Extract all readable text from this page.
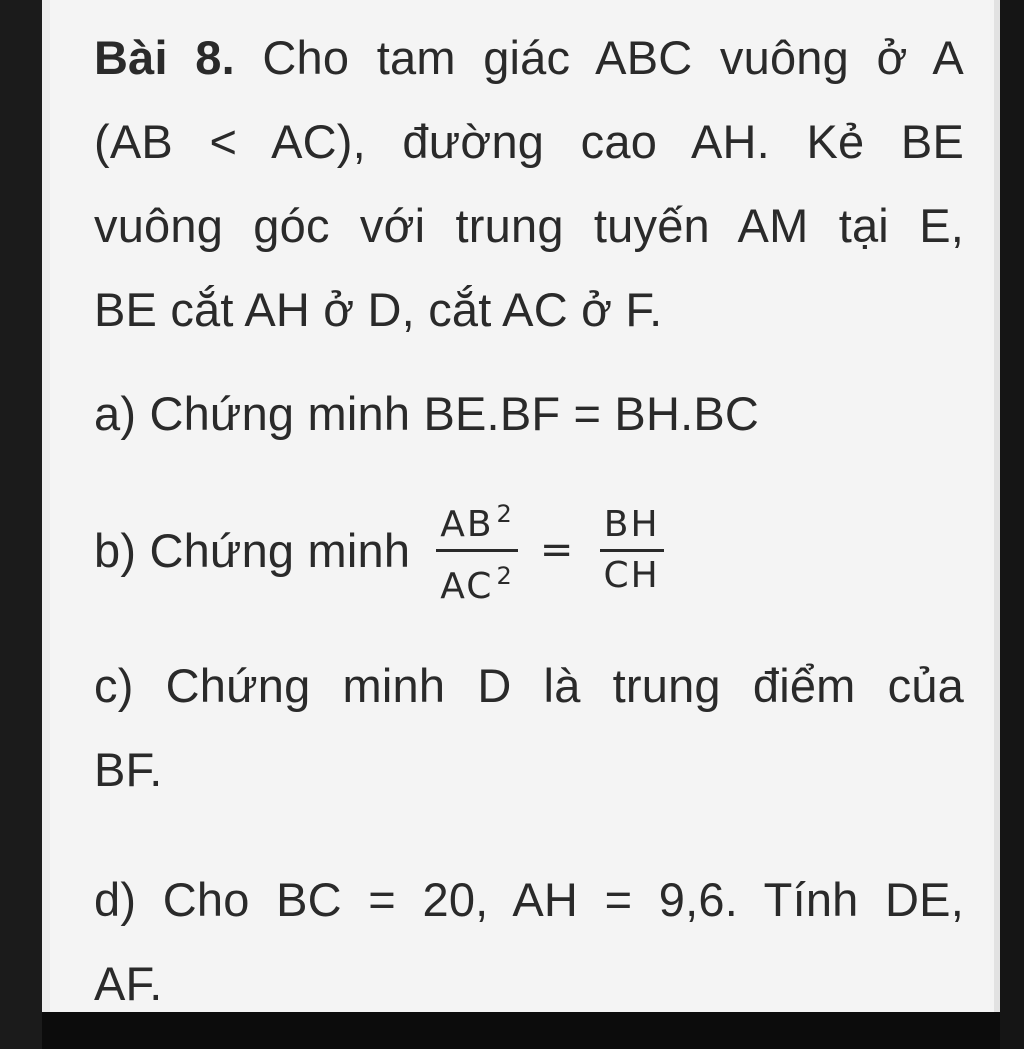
Bài 8. Cho tam giác ABC vuông ở A
(AB < AC), đường cao AH. Kẻ BE
vuông góc với trung tuyến AM tại E,
BE cắt AH ở D, cắt AC ở F.
a) Chứng minh BE.BF = BH.BC
b) Chứng minh $\frac{AB ^2}{AC ^2} = \frac{BH}{CH}$
c) Chứng minh D là trung điểm của
BF.
d) Cho BC = 20, AH = 9,6. Tính DE,
AF.
